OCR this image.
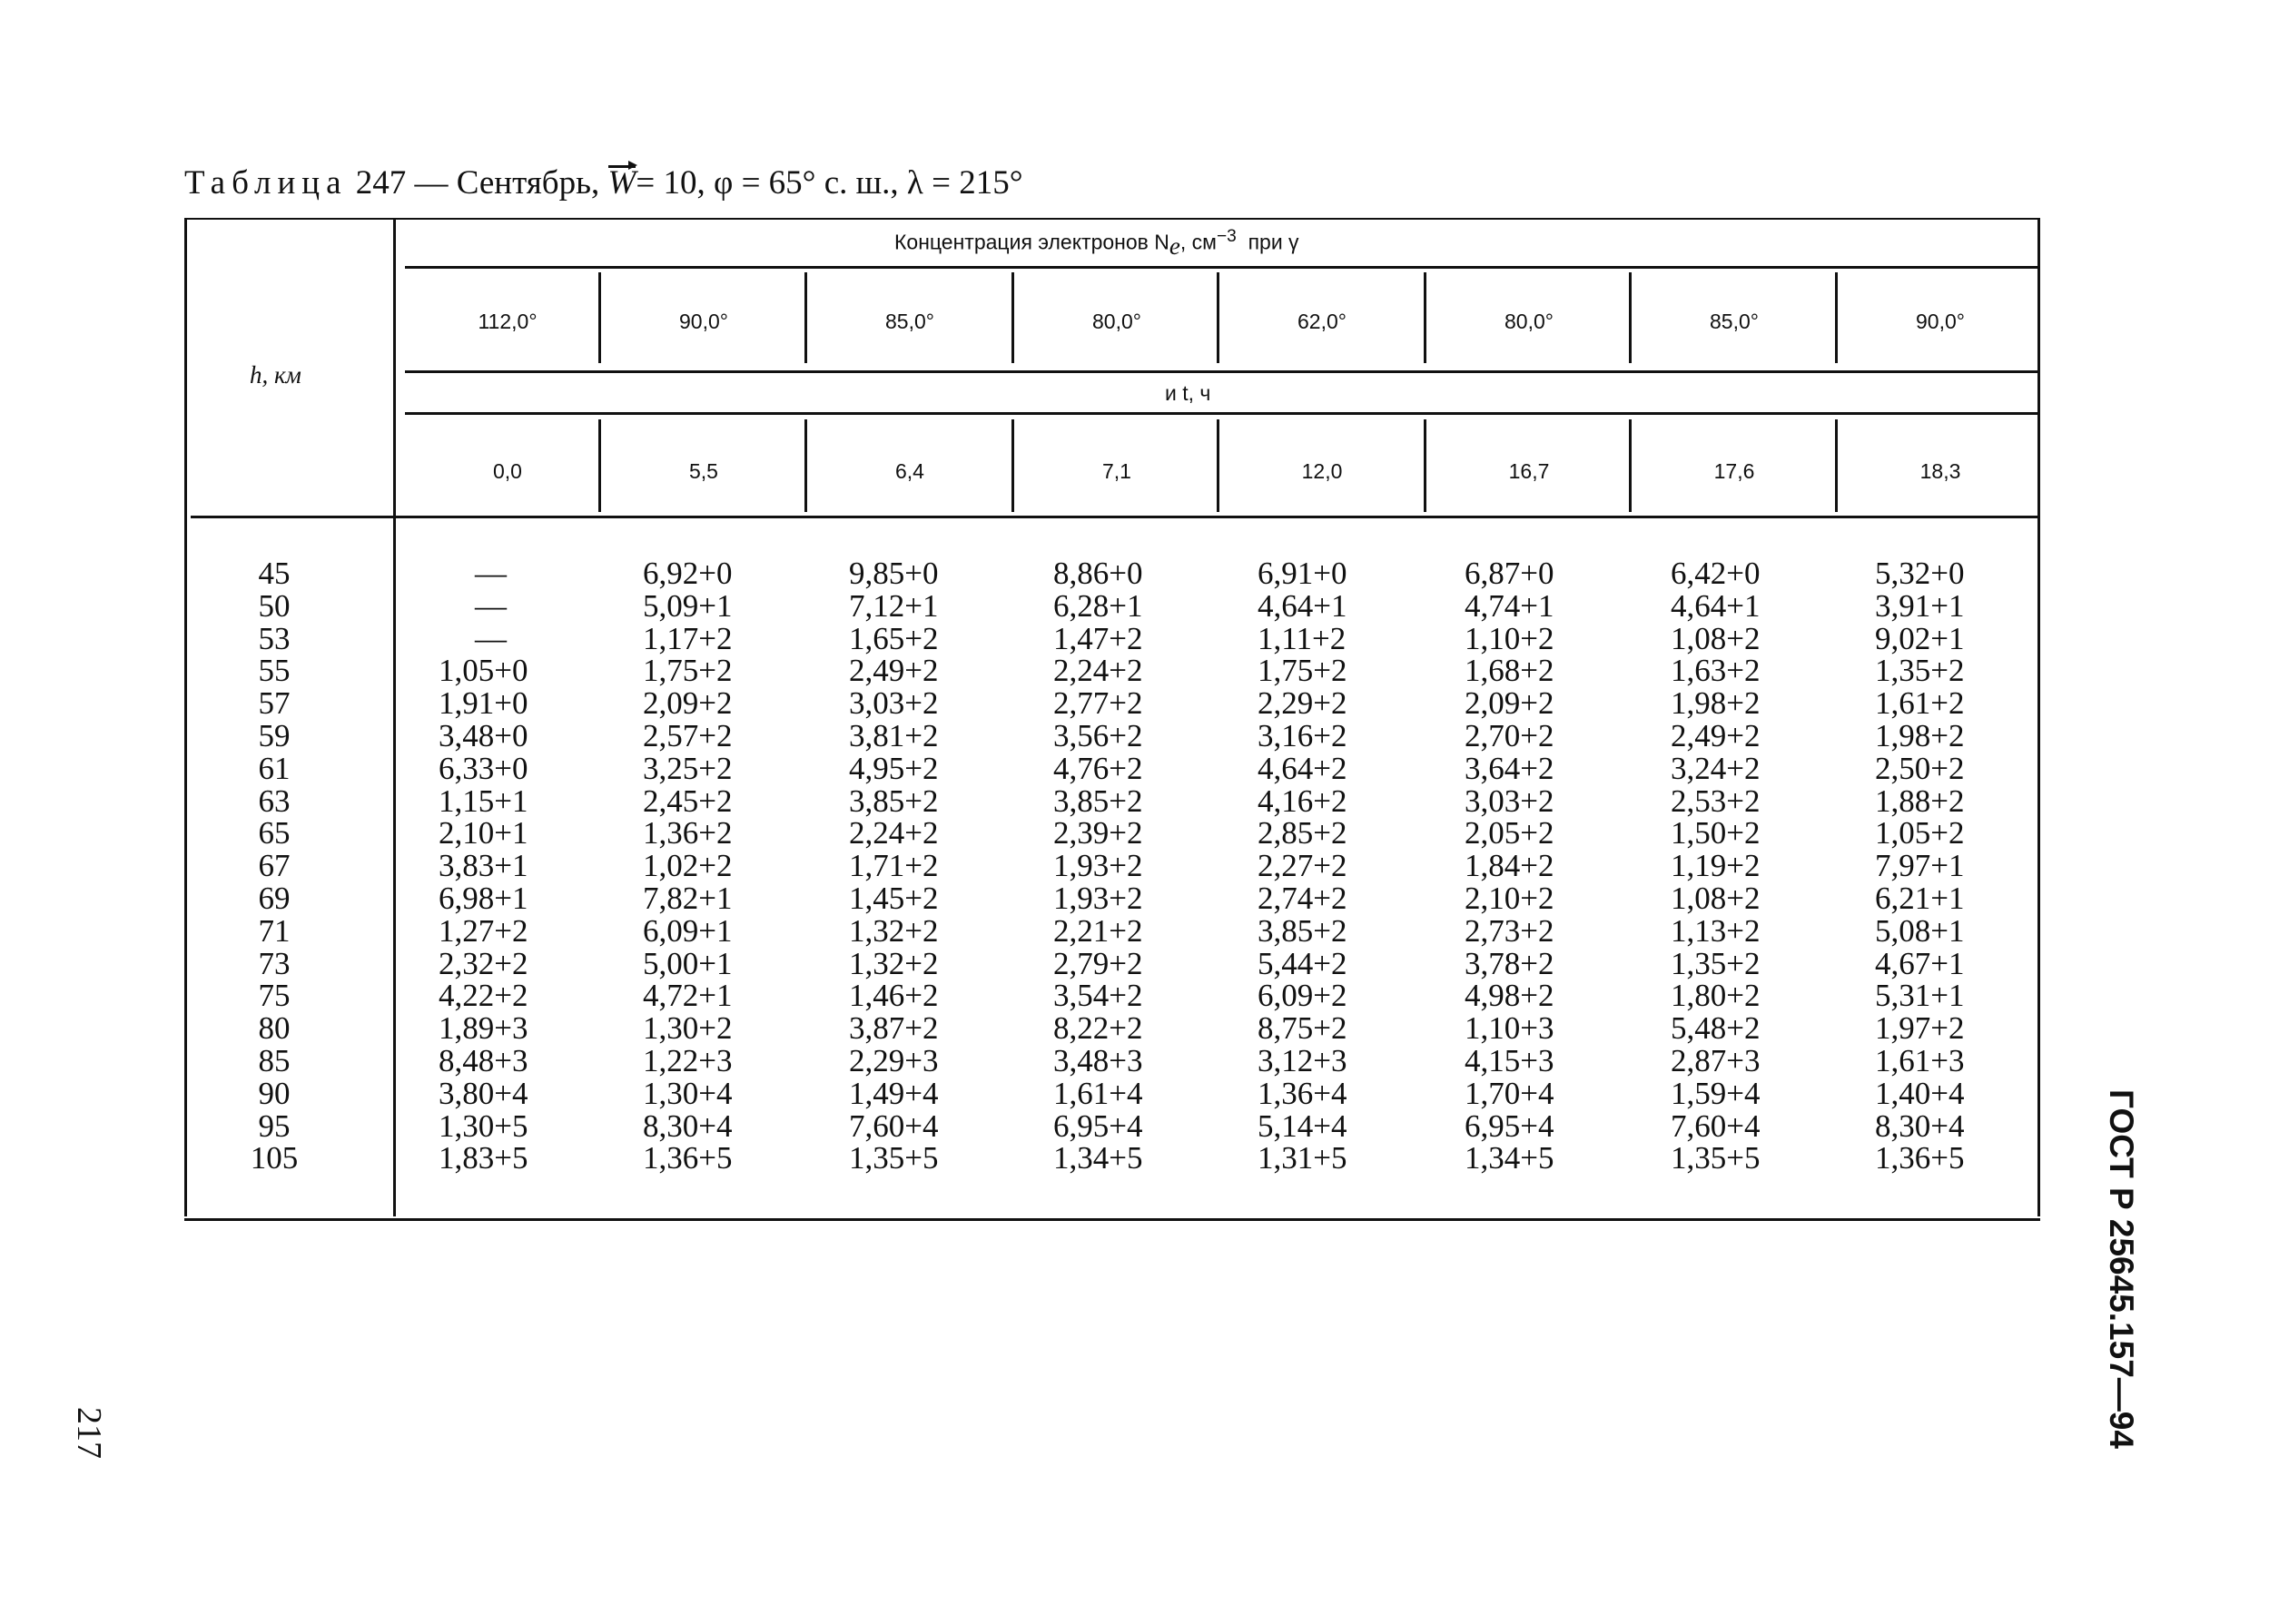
Таблица 247 — Сентябрь, W= 10, φ = 65° с. ш., λ = 215°
h, км
Концентрация электронов $N_e$, $см^{-3}$ при γ
и t, ч
112,0°	90,0°	85,0°	80,0°	62,0°	80,0°	85,0°	90,0°
0,0	5,5	6,4	7,1	12,0	16,7	17,6	18,3
45	—	6,92+0	9,85+0	8,86+0	6,91+0	6,87+0	6,42+0	5,32+0
50	—	5,09+1	7,12+1	6,28+1	4,64+1	4,74+1	4,64+1	3,91+1
53	—	1,17+2	1,65+2	1,47+2	1,11+2	1,10+2	1,08+2	9,02+1
55	1,05+0	1,75+2	2,49+2	2,24+2	1,75+2	1,68+2	1,63+2	1,35+2
57	1,91+0	2,09+2	3,03+2	2,77+2	2,29+2	2,09+2	1,98+2	1,61+2
59	3,48+0	2,57+2	3,81+2	3,56+2	3,16+2	2,70+2	2,49+2	1,98+2
61	6,33+0	3,25+2	4,95+2	4,76+2	4,64+2	3,64+2	3,24+2	2,50+2
63	1,15+1	2,45+2	3,85+2	3,85+2	4,16+2	3,03+2	2,53+2	1,88+2
65	2,10+1	1,36+2	2,24+2	2,39+2	2,85+2	2,05+2	1,50+2	1,05+2
67	3,83+1	1,02+2	1,71+2	1,93+2	2,27+2	1,84+2	1,19+2	7,97+1
69	6,98+1	7,82+1	1,45+2	1,93+2	2,74+2	2,10+2	1,08+2	6,21+1
71	1,27+2	6,09+1	1,32+2	2,21+2	3,85+2	2,73+2	1,13+2	5,08+1
73	2,32+2	5,00+1	1,32+2	2,79+2	5,44+2	3,78+2	1,35+2	4,67+1
75	4,22+2	4,72+1	1,46+2	3,54+2	6,09+2	4,98+2	1,80+2	5,31+1
80	1,89+3	1,30+2	3,87+2	8,22+2	8,75+2	1,10+3	5,48+2	1,97+2
85	8,48+3	1,22+3	2,29+3	3,48+3	3,12+3	4,15+3	2,87+3	1,61+3
90	3,80+4	1,30+4	1,49+4	1,61+4	1,36+4	1,70+4	1,59+4	1,40+4
95	1,30+5	8,30+4	7,60+4	6,95+4	5,14+4	6,95+4	7,60+4	8,30+4
105	1,83+5	1,36+5	1,35+5	1,34+5	1,31+5	1,34+5	1,35+5	1,36+5
217	ГОСТ Р 25645.157—94
